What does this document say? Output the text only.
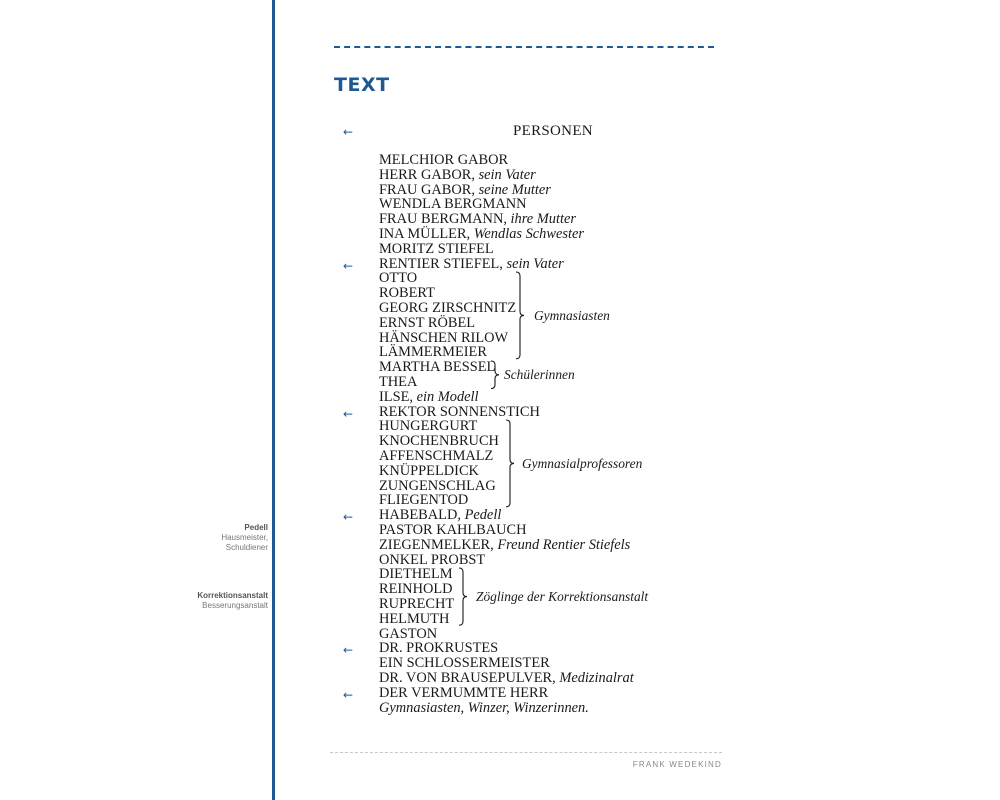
TEXT
PERSONEN
←
←
←
←
←
←
MELCHIOR GABOR
HERR GABOR, sein Vater
FRAU GABOR, seine Mutter
WENDLA BERGMANN
FRAU BERGMANN, ihre Mutter
INA MÜLLER, Wendlas Schwester
MORITZ STIEFEL
RENTIER STIEFEL, sein Vater
OTTO
ROBERT
GEORG ZIRSCHNITZ
ERNST RÖBEL
HÄNSCHEN RILOW
LÄMMERMEIER
MARTHA BESSEL
THEA
ILSE, ein Modell
REKTOR SONNENSTICH
HUNGERGURT
KNOCHENBRUCH
AFFENSCHMALZ
KNÜPPELDICK
ZUNGENSCHLAG
FLIEGENTOD
HABEBALD, Pedell
PASTOR KAHLBAUCH
ZIEGENMELKER, Freund Rentier Stiefels
ONKEL PROBST
DIETHELM
REINHOLD
RUPRECHT
HELMUTH
GASTON
DR. PROKRUSTES
EIN SCHLOSSERMEISTER
DR. VON BRAUSEPULVER, Medizinalrat
DER VERMUMMTE HERR
Gymnasiasten, Winzer, Winzerinnen.
Gymnasiasten
Schülerinnen
Gymnasialprofessoren
Zöglinge der Korrektionsanstalt
Pedell
Hausmeister, Schuldiener
Korrektionsanstalt
Besserungsanstalt
FRANK WEDEKIND
